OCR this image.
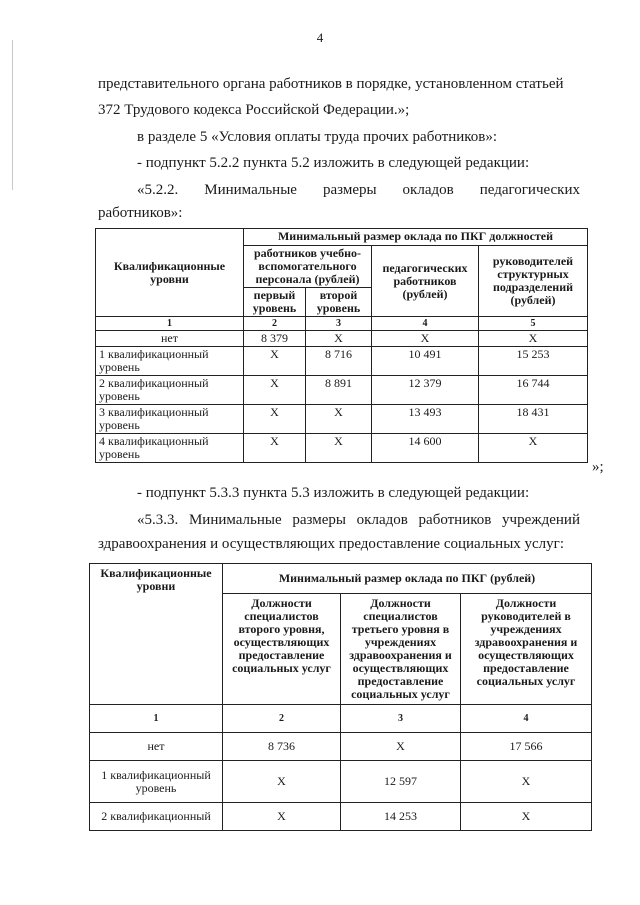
4
представительного органа работников в порядке, установленном статьей
372 Трудового кодекса Российской Федерации.»;
в разделе 5 «Условия оплаты труда прочих работников»:
- подпункт 5.2.2 пункта 5.2 изложить в следующей редакции:
«5.2.2. Минимальные размеры окладов педагогических
работников»:
Квалификационные уровни	Минимальный размер оклада по ПКГ должностей			
	работников учебно-вспомогательного персонала (рублей)		педагогических работников (рублей)	руководителей структурных подразделений (рублей)
	первый уровень	второй уровень		
1	2	3	4	5
нет	8 379	Х	Х	Х
1 квалификационный уровень	Х	8 716	10 491	15 253
2 квалификационный уровень	Х	8 891	12 379	16 744
3 квалификационный уровень	Х	Х	13 493	18 431
4 квалификационный уровень	Х	Х	14 600	Х
»;
- подпункт 5.3.3 пункта 5.3 изложить в следующей редакции:
«5.3.3. Минимальные размеры окладов работников учреждений
здравоохранения и осуществляющих предоставление социальных услуг:
Квалификационные уровни	Минимальный размер оклада по ПКГ (рублей)		
	Должности специалистов второго уровня, осуществляющих предоставление социальных услуг	Должности специалистов третьего уровня в учреждениях здравоохранения и осуществляющих предоставление социальных услуг	Должности руководителей в учреждениях здравоохранения и осуществляющих предоставление социальных услуг
1	2	3	4
нет	8 736	Х	17 566
1 квалификационный уровень	Х	12 597	Х
2 квалификационный	Х	14 253	Х
